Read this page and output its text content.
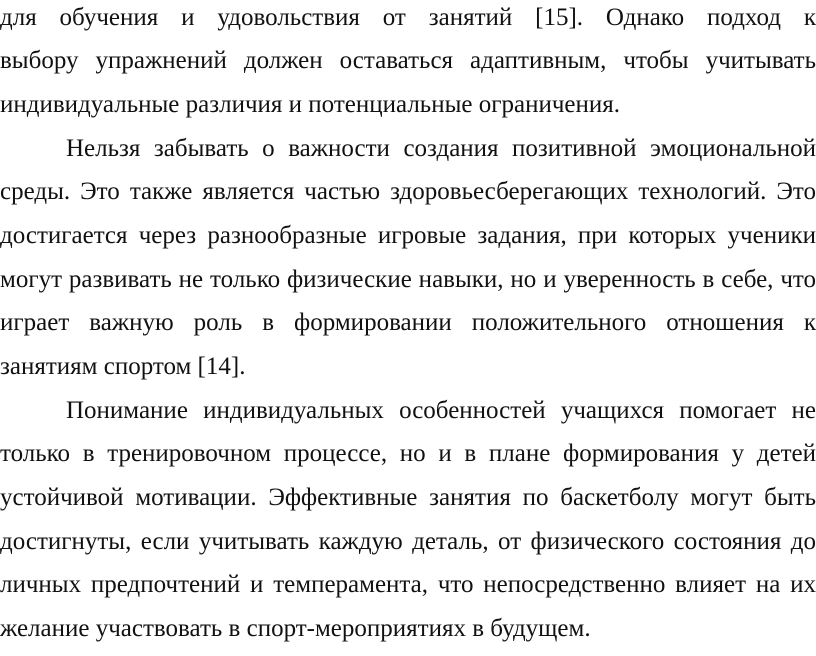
для обучения и удовольствия от занятий [15]. Однако подход к
выбору упражнений должен оставаться адаптивным, чтобы учитывать
индивидуальные различия и потенциальные ограничения.
Нельзя забывать о важности создания позитивной эмоциональной
среды. Это также является частью здоровьесберегающих технологий. Это
достигается через разнообразные игровые задания, при которых ученики
могут развивать не только физические навыки, но и уверенность в себе, что
играет важную роль в формировании положительного отношения к
занятиям спортом [14].
Понимание индивидуальных особенностей учащихся помогает не
только в тренировочном процессе, но и в плане формирования у детей
устойчивой мотивации. Эффективные занятия по баскетболу могут быть
достигнуты, если учитывать каждую деталь, от физического состояния до
личных предпочтений и темперамента, что непосредственно влияет на их
желание участвовать в спорт-мероприятиях в будущем.
